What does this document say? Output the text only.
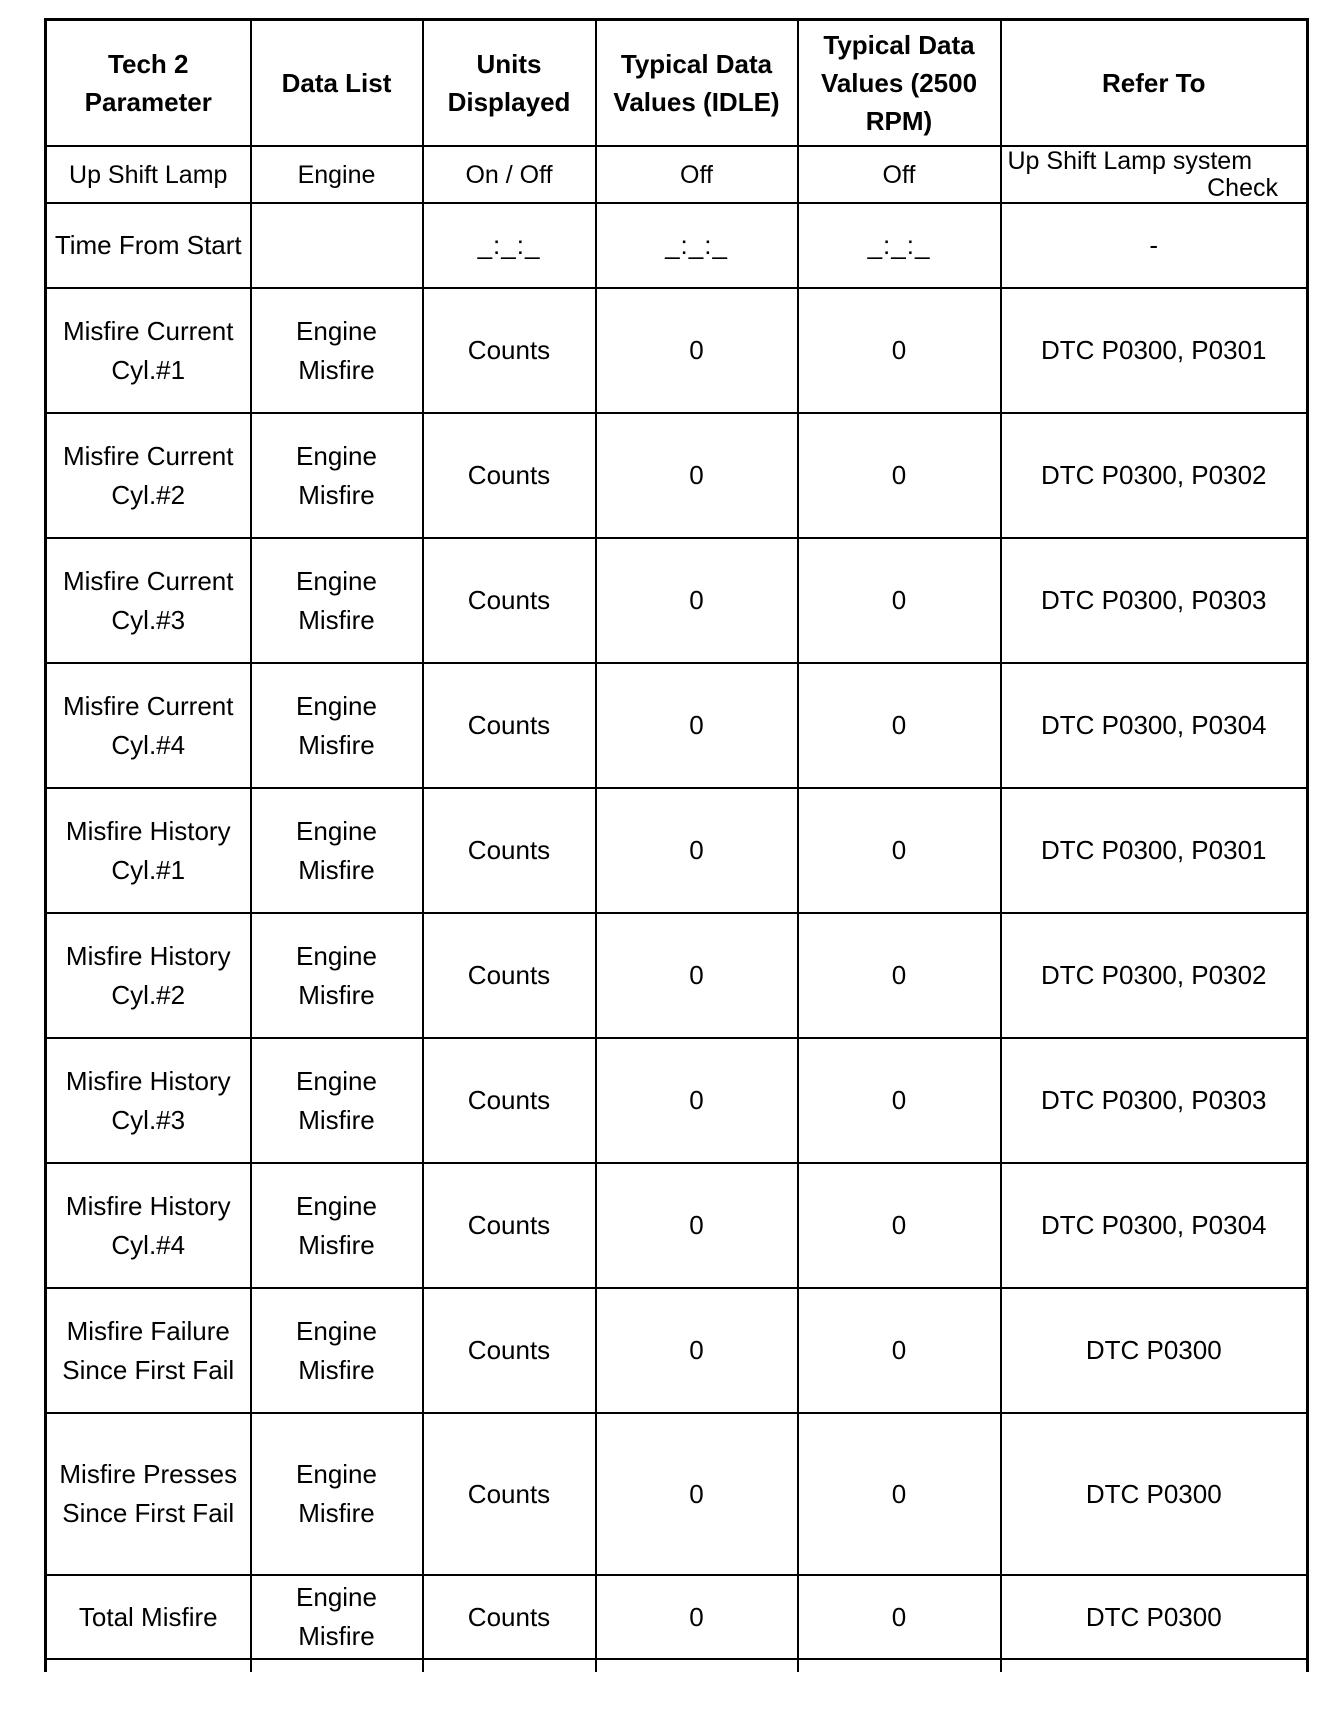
Tech 2 Parameter	Data List	Units Displayed	Typical Data Values (IDLE)	Typical Data Values (2500 RPM)	Refer To
Up Shift Lamp	Engine	On / Off	Off	Off	Up Shift Lamp system
Check

Time From Start		_:_:_	_:_:_	_:_:_	-
Misfire Current Cyl.#1	Engine Misfire	Counts	0	0	DTC P0300, P0301
Misfire Current Cyl.#2	Engine Misfire	Counts	0	0	DTC P0300, P0302
Misfire Current Cyl.#3	Engine Misfire	Counts	0	0	DTC P0300, P0303
Misfire Current Cyl.#4	Engine Misfire	Counts	0	0	DTC P0300, P0304
Misfire History Cyl.#1	Engine Misfire	Counts	0	0	DTC P0300, P0301
Misfire History Cyl.#2	Engine Misfire	Counts	0	0	DTC P0300, P0302
Misfire History Cyl.#3	Engine Misfire	Counts	0	0	DTC P0300, P0303
Misfire History Cyl.#4	Engine Misfire	Counts	0	0	DTC P0300, P0304
Misfire Failure Since First Fail	Engine Misfire	Counts	0	0	DTC P0300
Misfire Presses Since First Fail	Engine Misfire	Counts	0	0	DTC P0300
Total Misfire	Engine Misfire	Counts	0	0	DTC P0300
